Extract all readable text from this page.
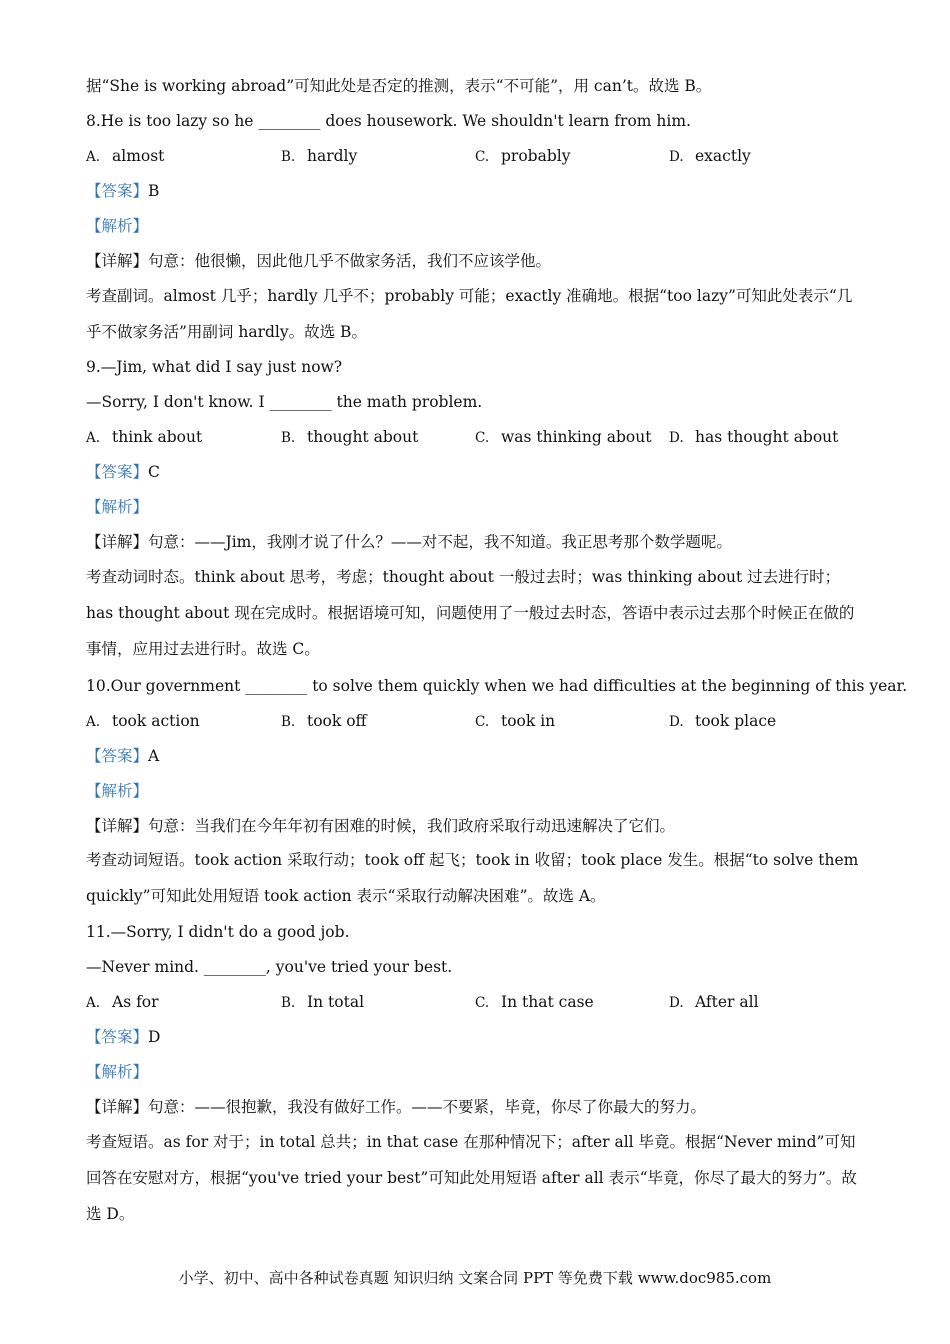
据“She is working abroad”可知此处是否定的推测，表示“不可能”，用 can’t。故选 B。
8.He is too lazy so he ________ does housework. We shouldn't learn from him.
A. almost	B. hardly	C. probably	D. exactly
【答案】B
【解析】
【详解】句意：他很懒，因此他几乎不做家务活，我们不应该学他。
考查副词。almost 几乎；hardly 几乎不；probably 可能；exactly 准确地。根据“too lazy”可知此处表示“几乎不做家务活”用副词 hardly。故选 B。
9.—Jim, what did I say just now?
—Sorry, I don't know. I ________ the math problem.
A. think about	B. thought about	C. was thinking about D. has thought about
【答案】C
【解析】
【详解】句意：——Jim，我刚才说了什么？——对不起，我不知道。我正思考那个数学题呢。
考查动词时态。think about 思考，考虑；thought about 一般过去时；was thinking about 过去进行时；has thought about 现在完成时。根据语境可知，问题使用了一般过去时态，答语中表示过去那个时候正在做的事情，应用过去进行时。故选 C。
10.Our government ________ to solve them quickly when we had difficulties at the beginning of this year.
A. took action	B. took off	C. took in	D. took place
【答案】A
【解析】
【详解】句意：当我们在今年年初有困难的时候，我们政府采取行动迅速解决了它们。
考查动词短语。took action 采取行动；took off 起飞；took in 收留；took place 发生。根据“to solve them quickly”可知此处用短语 took action 表示“采取行动解决困难”。故选 A。
11.—Sorry, I didn't do a good job.
—Never mind. ________, you've tried your best.
A. As for	B. In total	C. In that case	D. After all
【答案】D
【解析】
【详解】句意：——很抱歉，我没有做好工作。——不要紧，毕竟，你尽了你最大的努力。
考查短语。as for 对于；in total 总共；in that case 在那种情况下；after all 毕竟。根据“Never mind”可知回答在安慰对方，根据“you've tried your best”可知此处用短语 after all 表示“毕竟，你尽了最大的努力”。故选 D。
小学、初中、高中各种试卷真题 知识归纳 文案合同 PPT 等免费下载 www.doc985.com
